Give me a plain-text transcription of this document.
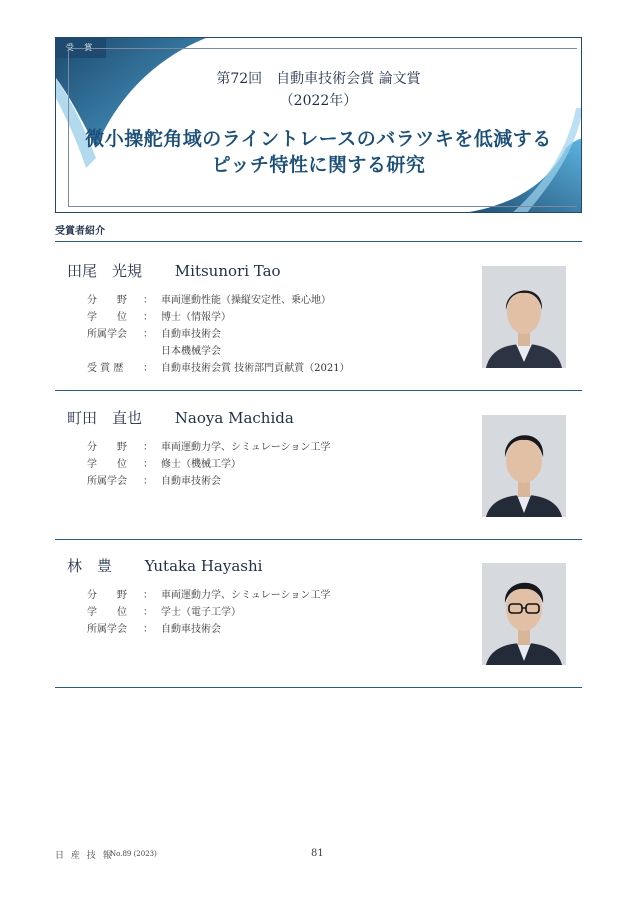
受 賞
第72回　自動車技術会賞 論文賞
（2022年）
微小操舵角域のライントレースのバラツキを低減する
ピッチ特性に関する研究
受賞者紹介
田尾　光規 Mitsunori Tao
分　　野	： 車両運動性能（操縦安定性、乗心地）
学　　位	： 博士（情報学）
所属学会	： 自動車技術会
日本機械学会
受 賞 歴	： 自動車技術会賞 技術部門貢献賞（2021）
町田　直也 Naoya Machida
分　　野	： 車両運動力学、シミュレーション工学
学　　位	： 修士（機械工学）
所属学会	： 自動車技術会
林　豊 Yutaka Hayashi
分　　野	： 車両運動力学、シミュレーション工学
学　　位	： 学士（電子工学）
所属学会	： 自動車技術会
日 産 技 報
No.89 (2023)	81
